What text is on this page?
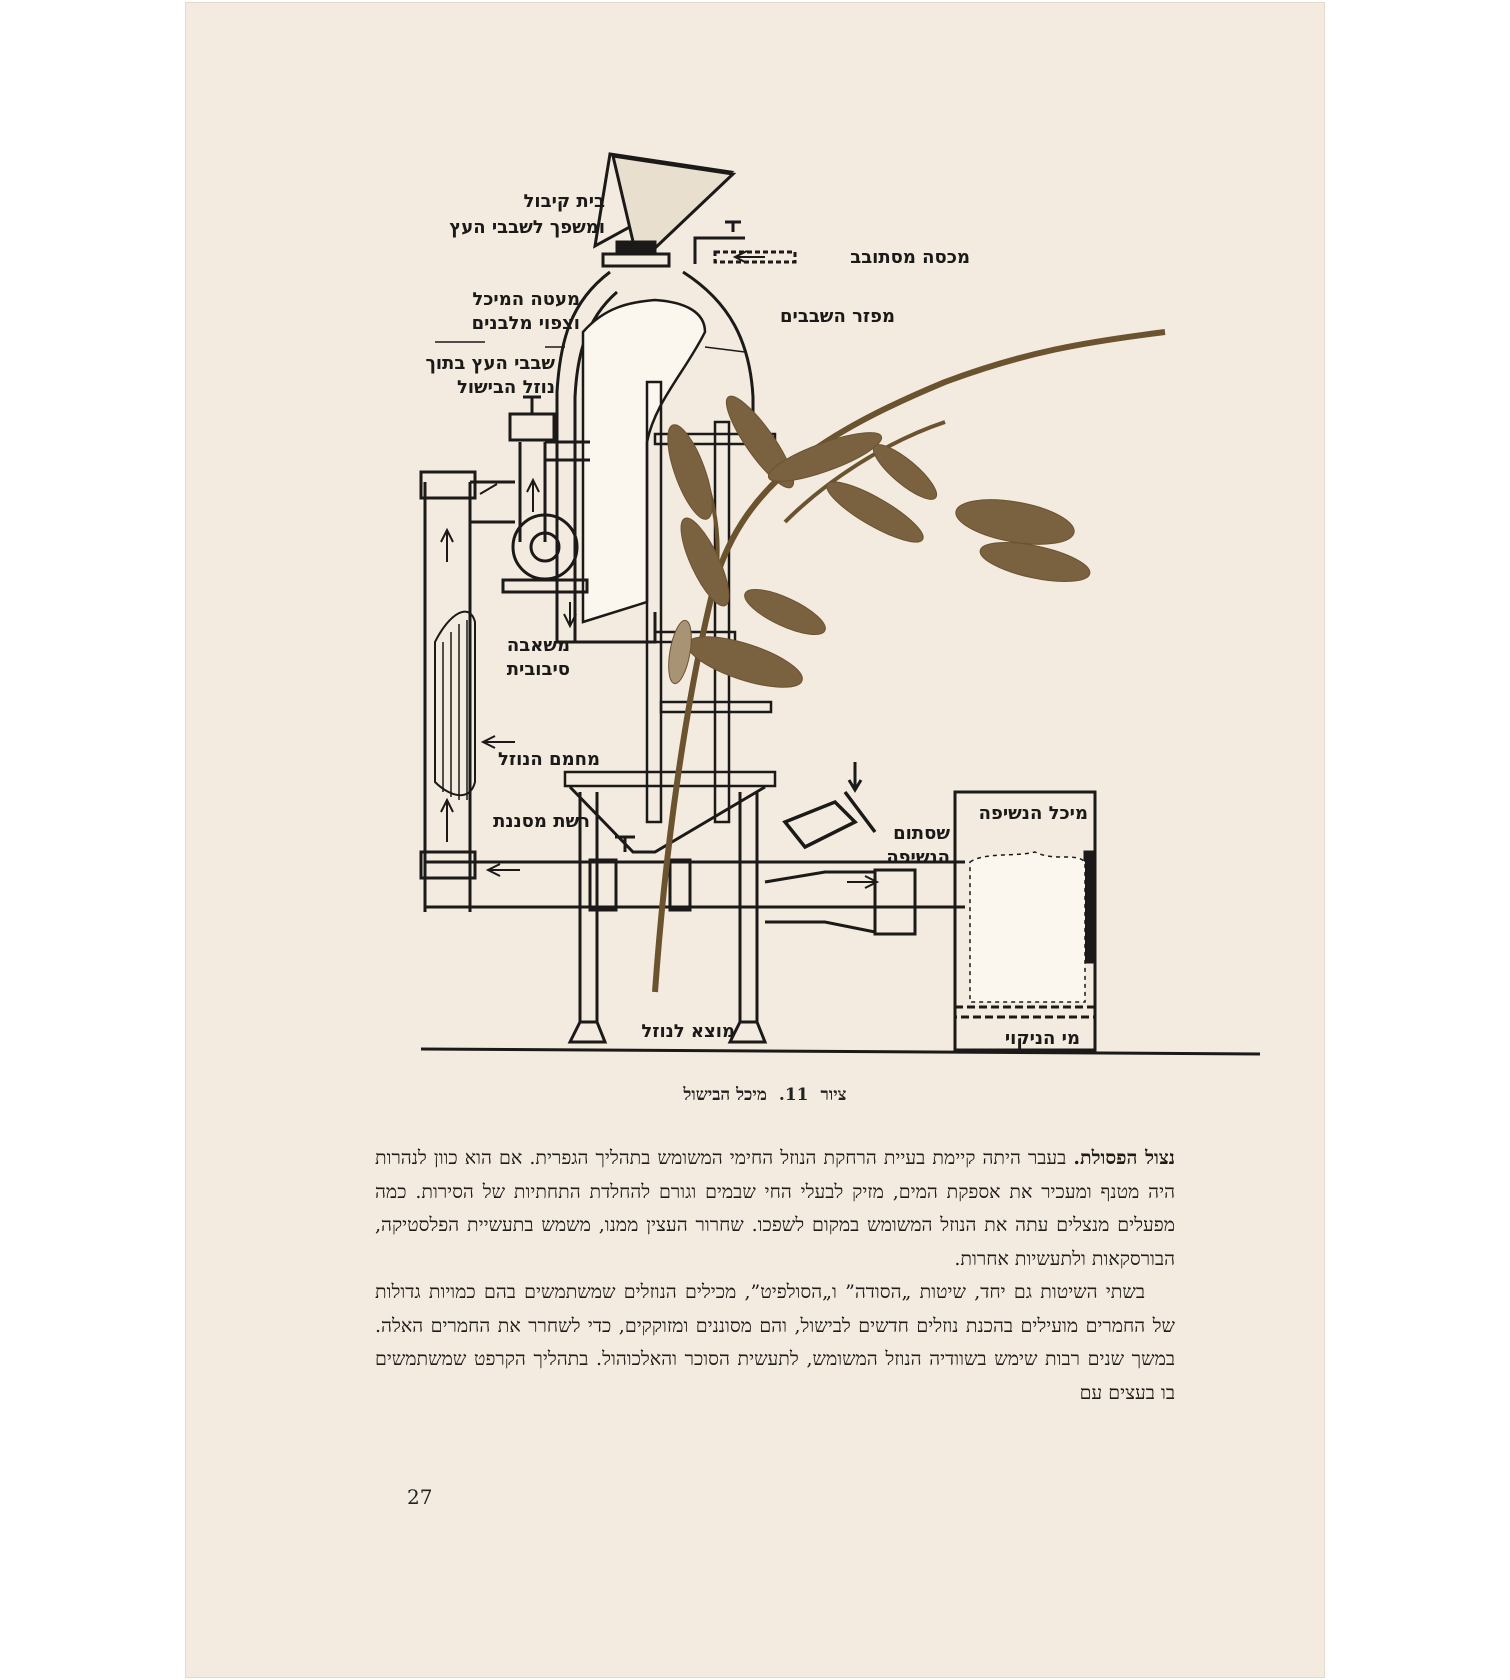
בית קיבול
ומשפך לשבבי העץ
מכסה מסתובב
מעטה המיכל
וצפוי מלבנים	מפזר השבבים
שבבי העץ בתוך
נוזל הבישול
משאבה
סיבובית
מחמם הנוזל
רשת מסננת	מיכל הנשיפה
שסתום
הנשיפה
מוצא לנוזל	מי הניקוי
ציור11.מיכל הבישול

נצול הפסולת. בעבר היתה קיימת בעיית הרחקת הנוזל החימי המשומש בתהליך הגפרית. אם הוא כוון לנהרות היה מטנף ומעכיר את אספקת המים, מזיק לבעלי החי שבמים וגורם להחלדת התחתיות של הסירות. כמה מפעלים מנצלים עתה את הנוזל המשומש במקום לשפכו. שחרור העצין ממנו, משמש בתעשיית הפלסטיקה, הבורסקאות ולתעשיות אחרות.

בשתי השיטות גם יחד, שיטות „הסודה” ו„הסולפיט”, מכילים הנוזלים שמשתמשים בהם כמויות גדולות של החמרים מועילים בהכנת נוזלים חדשים לבישול, והם מסוננים ומזוקקים, כדי לשחרר את החמרים האלה. במשך שנים רבות שימש בשוודיה הנוזל המשומש, לתעשית הסוכר והאלכוהול. בתהליך הקרפט שמשתמשים בו בעצים עם

27
